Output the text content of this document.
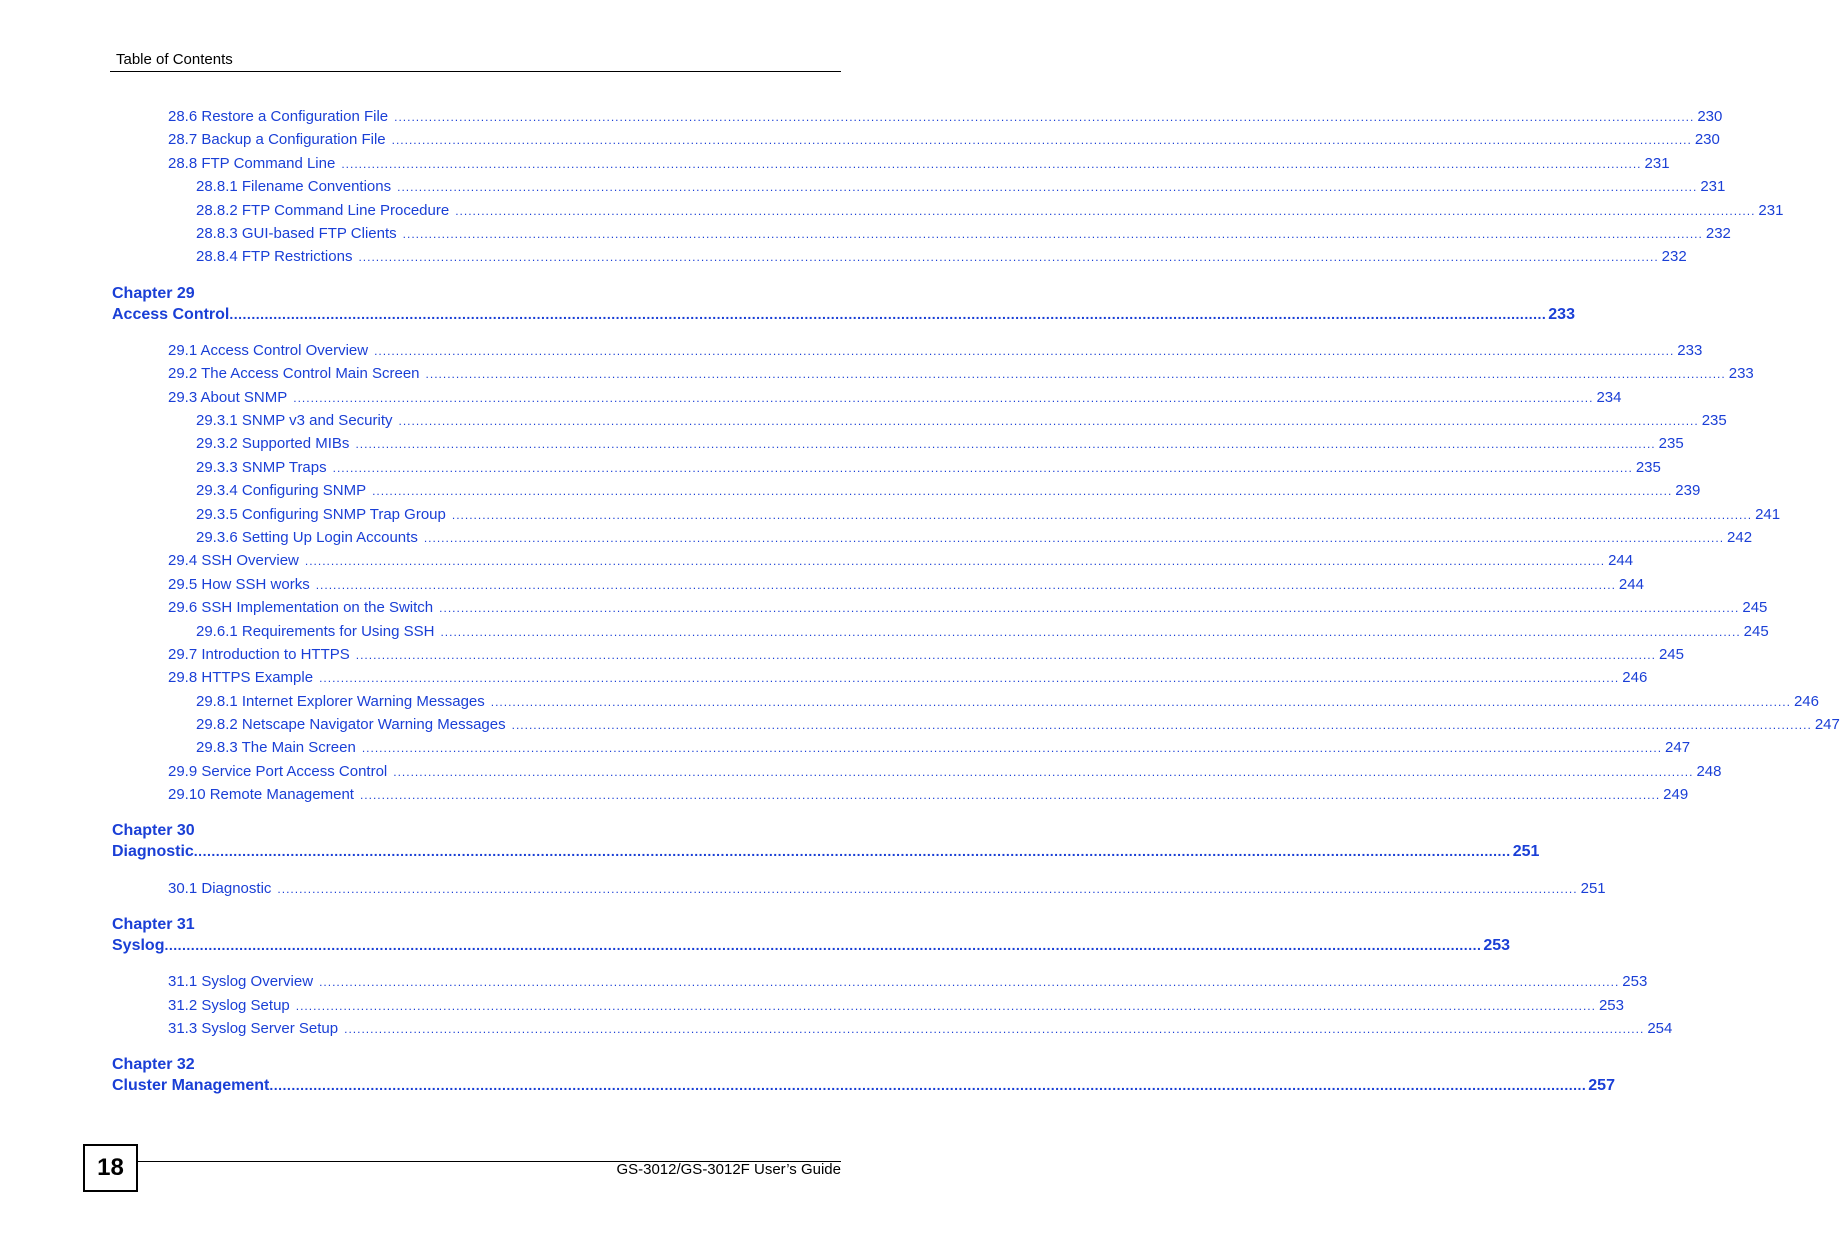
Table of Contents
28.6 Restore a Configuration File ............................................................................................................................................................................................................................................................................................................ 230
28.7 Backup a Configuration File ............................................................................................................................................................................................................................................................................................................ 230
28.8 FTP Command Line ............................................................................................................................................................................................................................................................................................................ 231
28.8.1 Filename Conventions ............................................................................................................................................................................................................................................................................................................ 231
28.8.2 FTP Command Line Procedure ............................................................................................................................................................................................................................................................................................................ 231
28.8.3 GUI-based FTP Clients ............................................................................................................................................................................................................................................................................................................ 232
28.8.4 FTP Restrictions ............................................................................................................................................................................................................................................................................................................ 232
Chapter 29
Access Control ............................................................................................................................................................................................................................................................................................................ 233
29.1 Access Control Overview ............................................................................................................................................................................................................................................................................................................ 233
29.2 The Access Control Main Screen ............................................................................................................................................................................................................................................................................................................ 233
29.3 About SNMP ............................................................................................................................................................................................................................................................................................................ 234
29.3.1 SNMP v3 and Security ............................................................................................................................................................................................................................................................................................................ 235
29.3.2 Supported MIBs ............................................................................................................................................................................................................................................................................................................ 235
29.3.3 SNMP Traps ............................................................................................................................................................................................................................................................................................................ 235
29.3.4 Configuring SNMP ............................................................................................................................................................................................................................................................................................................ 239
29.3.5 Configuring SNMP Trap Group ............................................................................................................................................................................................................................................................................................................ 241
29.3.6 Setting Up Login Accounts ............................................................................................................................................................................................................................................................................................................ 242
29.4 SSH Overview ............................................................................................................................................................................................................................................................................................................ 244
29.5 How SSH works ............................................................................................................................................................................................................................................................................................................ 244
29.6 SSH Implementation on the Switch ............................................................................................................................................................................................................................................................................................................ 245
29.6.1 Requirements for Using SSH ............................................................................................................................................................................................................................................................................................................ 245
29.7 Introduction to HTTPS ............................................................................................................................................................................................................................................................................................................ 245
29.8 HTTPS Example ............................................................................................................................................................................................................................................................................................................ 246
29.8.1 Internet Explorer Warning Messages ............................................................................................................................................................................................................................................................................................................ 246
29.8.2 Netscape Navigator Warning Messages ............................................................................................................................................................................................................................................................................................................ 247
29.8.3 The Main Screen ............................................................................................................................................................................................................................................................................................................ 247
29.9 Service Port Access Control ............................................................................................................................................................................................................................................................................................................ 248
29.10 Remote Management ............................................................................................................................................................................................................................................................................................................ 249
Chapter 30
Diagnostic ............................................................................................................................................................................................................................................................................................................ 251
30.1 Diagnostic ............................................................................................................................................................................................................................................................................................................ 251
Chapter 31
Syslog ............................................................................................................................................................................................................................................................................................................ 253
31.1 Syslog Overview ............................................................................................................................................................................................................................................................................................................ 253
31.2 Syslog Setup ............................................................................................................................................................................................................................................................................................................ 253
31.3 Syslog Server Setup ............................................................................................................................................................................................................................................................................................................ 254
Chapter 32
Cluster Management ............................................................................................................................................................................................................................................................................................................ 257
18	GS-3012/GS-3012F User’s Guide
